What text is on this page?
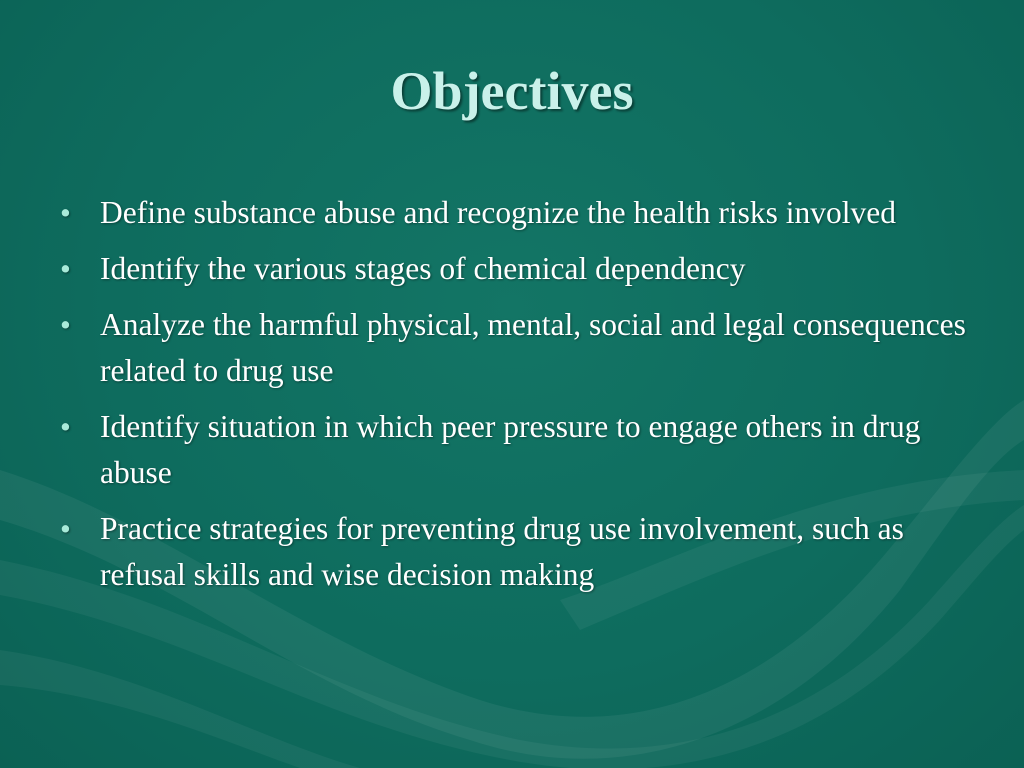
Objectives
• Define substance abuse and recognize the health risks involved
• Identify the various stages of chemical dependency
• Analyze the harmful physical, mental, social and legal consequences related to drug use
• Identify situation in which peer pressure to engage others in drug abuse
• Practice strategies for preventing drug use involvement, such as refusal skills and wise decision making
